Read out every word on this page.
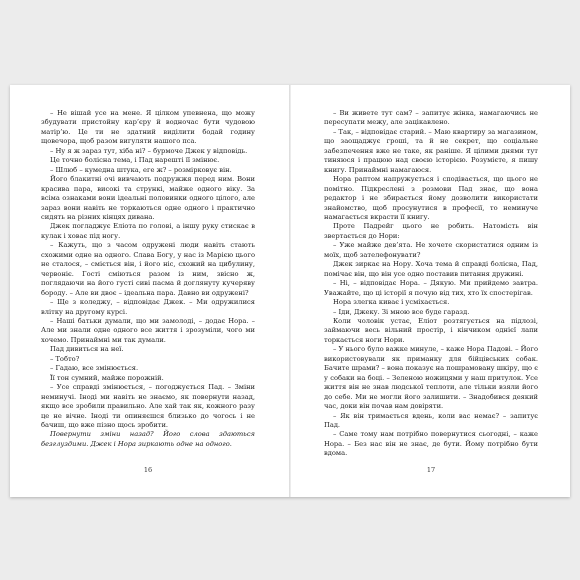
– Не вішай усе на мене. Я цілком упевнена, що можу збудувати пристойну кар’єру й водночас бути чудовою матір’ю. Це ти не здатний виділити бодай годину щовечора, щоб разом вигуляти нашого пса.

– Ну я ж зараз тут, хіба ні? – бурмоче Джек у відповідь.

Це точно болісна тема, і Пад нарешті її змінює.

– Шлюб – кумедна штука, еге ж? – розмірковує він.

Його блакитні очі вивчають подружжя перед ним. Вони красива пара, високі та стрункі, майже одного віку. За всіма ознаками вони ідеальні половинки одного цілого, але зараз вони навіть не торкаються одне одного і практично сидять на різних кінцях дивана.

Джек погладжує Еліота по голові, а іншу руку стискає в кулак і ховає під ногу.

– Кажуть, що з часом одружені люди навіть стають схожими одне на одного. Слава Богу, у нас із Марією цього не сталося, – сміється він, і його ніс, схожий на цибулину, червоніє. Гості сміються разом із ним, звісно ж, поглядаючи на його густі сиві пасма й доглянуту кучеряву бороду. – Але ви двоє – ідеальна пара. Давно ви одружені?

– Ще з коледжу, – відповідає Джек. – Ми одружилися влітку на другому курсі.

– Наші батьки думали, що ми замолоді, – додає Нора. – Але ми знали одне одного все життя і зрозуміли, чого ми хочемо. Принаймні ми так думали.

Пад дивиться на неї.

– Тобто?

– Гадаю, все змінюється.

Її тон сумний, майже порожній.

– Усе справді змінюється, – погоджується Пад. – Зміни неминучі. Іноді ми навіть не знаємо, як повернути назад, якщо все зробили правильно. Але хай так як, кожного разу це не вічне. Іноді ти опиняєшся близько до чогось і не бачиш, що вже пізно щось зробити.

Повернути зміни назад? Його слова здаються безглуздими. Джек і Нора зиркають одне на одного.

16

– Ви живете тут сам? – запитує жінка, намагаючись не пересупати межу, але зацікавлено.

– Так, – відповідає старий. – Маю квартиру за магазином, що заощаджує гроші, та й не секрет, що соціальне забезпечення вже не таке, як раніше. Я цілими днями тут тиняюся і працюю над своєю історією. Розумієте, я пишу книгу. Принаймні намагаюся.

Нора раптом напружується і сподівається, що цього не помітно. Підкреслені з розмови Пад знає, що вона редактор і не збирається йому дозволити використати знайомство, щоб просунутися в професії, то неминуче намагається вкрасти її книгу.

Проте Падрейг цього не робить. Натомість він звертається до Нори:

– Уже майже дев’ята. Не хочете скористатися одним із моїх, щоб зателефонувати?

Джек зиркає на Нору. Хоча тема й справді болісна, Пад, помічає він, що він усе одно поставив питання дружині.

– Ні, – відповідає Нора. – Дякую. Ми прийдемо завтра. Уважайте, що ці історії я почую від тих, хто їх спостерігав.

Нора злегка киває і усміхається.

– Іди, Джеку. Зі мною все буде гаразд.

Коли чоловік устає, Еліот розтягується на підлозі, займаючи весь вільний простір, і кінчиком однієї лапи торкається ноги Нори.

– У нього було важке минуле, – каже Нора Падові. – Його використовували як приманку для бійцівських собак. Бачите шрами? – вона показує на пошрамовану шкіру, що є у собаки на боці. – Зеленою ножицями у наш притулок. Усе життя він не знав людської теплоти, але тільки взяли його до себе. Ми не могли його залишити. – Знадобився деякий час, доки він почав нам довіряти.

– Як він тримається вдень, коли вас немає? – запитує Пад.

– Саме тому нам потрібно повернутися сьогодні, – каже Нора. – Без нас він не знає, де бути. Йому потрібно бути вдома.

17
